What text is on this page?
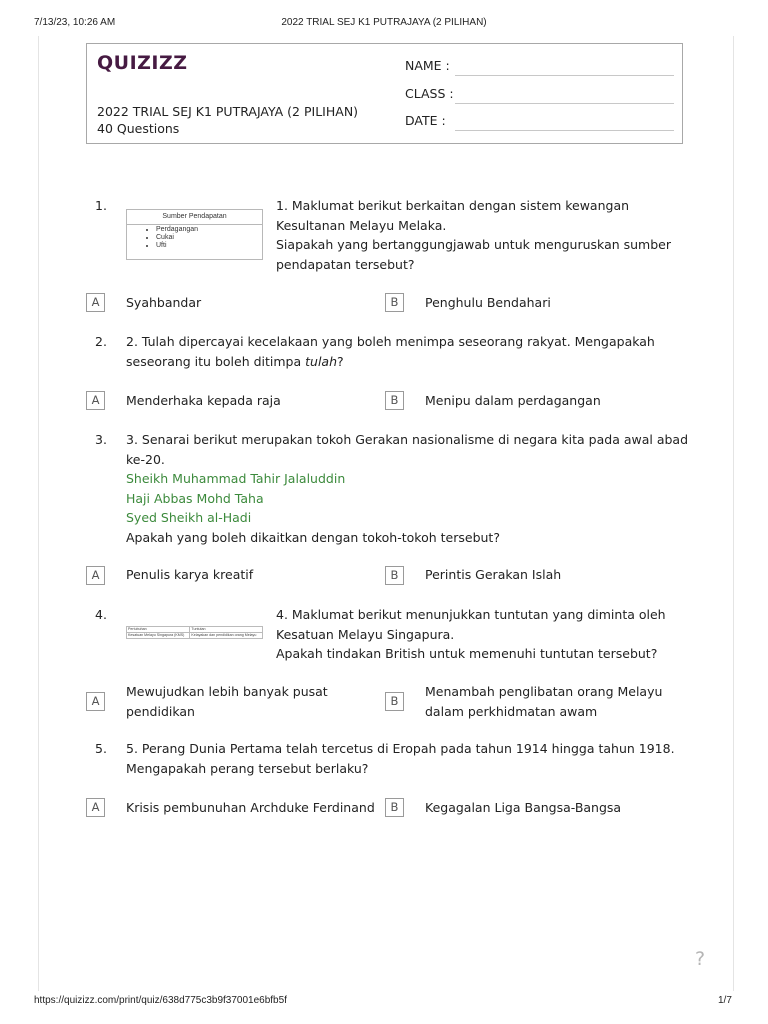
7/13/23, 10:26 AM	2022 TRIAL SEJ K1 PUTRAJAYA (2 PILIHAN)
QUIZIZZ
2022 TRIAL SEJ K1 PUTRAJAYA (2 PILIHAN)
40 Questions
NAME :
CLASS :
DATE :
1.
Sumber Pendapatan
• Perdagangan
• Cukai
• Ufti
1. Maklumat berikut berkaitan dengan sistem kewangan
Kesultanan Melayu Melaka.
Siapakah yang bertanggungjawab untuk menguruskan sumber
pendapatan tersebut?
A	Syahbandar	B	Penghulu Bendahari
2. 2. Tulah dipercayai kecelakaan yang boleh menimpa seseorang rakyat. Mengapakah
seseorang itu boleh ditimpa tulah?
A	Menderhaka kepada raja	B	Menipu dalam perdagangan
3. 3. Senarai berikut merupakan tokoh Gerakan nasionalisme di negara kita pada awal abad
ke-20.
Sheikh Muhammad Tahir Jalaluddin
Haji Abbas Mohd Taha
Syed Sheikh al-Hadi
Apakah yang boleh dikaitkan dengan tokoh-tokoh tersebut?
A	Penulis karya kreatif	B	Perintis Gerakan Islah
4.
Pertubuhan	Tuntutan
Kesatuan Melayu Singapura (KMS)	Kelayakan dan pendidikan orang Melayu
4. Maklumat berikut menunjukkan tuntutan yang diminta oleh
Kesatuan Melayu Singapura.
Apakah tindakan British untuk memenuhi tuntutan tersebut?
A
Mewujudkan lebih banyak pusat
pendidikan
B
Menambah penglibatan orang Melayu
dalam perkhidmatan awam
5. 5. Perang Dunia Pertama telah tercetus di Eropah pada tahun 1914 hingga tahun 1918.
Mengapakah perang tersebut berlaku?
A	Krisis pembunuhan Archduke Ferdinand	B	Kegagalan Liga Bangsa-Bangsa
?
https://quizizz.com/print/quiz/638d775c3b9f37001e6bfb5f	1/7
